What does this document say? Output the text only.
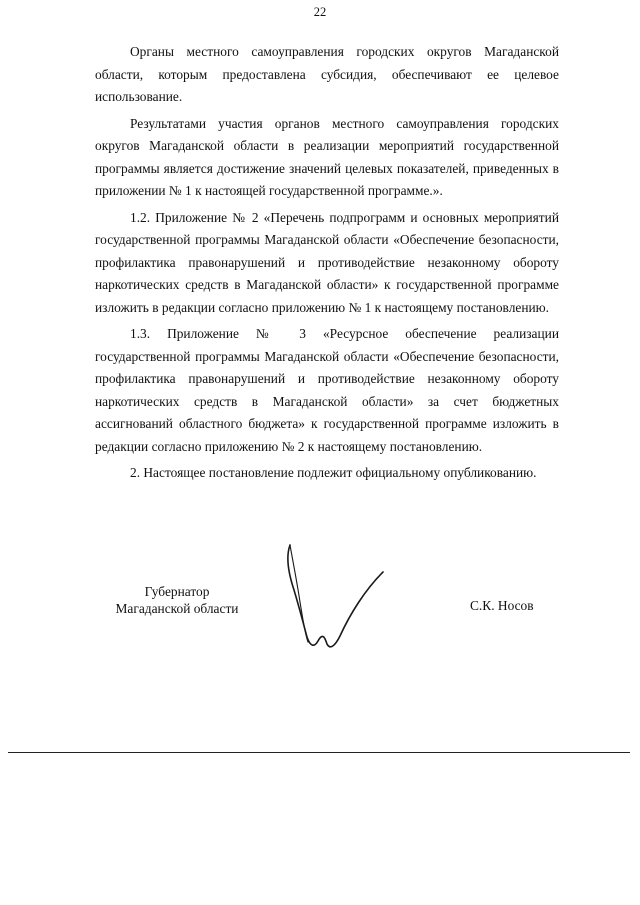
22

Органы местного самоуправления городских округов Магаданской области, которым предоставлена субсидия, обеспечивают ее целевое использование.

Результатами участия органов местного самоуправления городских округов Магаданской области в реализации мероприятий государственной программы является достижение значений целевых показателей, приведенных в приложении № 1 к настоящей государственной программе.».

1.2. Приложение № 2 «Перечень подпрограмм и основных мероприятий государственной программы Магаданской области «Обеспечение безопасности, профилактика правонарушений и противодействие незаконному обороту наркотических средств в Магаданской области» к государственной программе изложить в редакции согласно приложению № 1 к настоящему постановлению.

1.3. Приложение № 3 «Ресурсное обеспечение реализации государственной программы Магаданской области «Обеспечение безопасности, профилактика правонарушений и противодействие незаконному обороту наркотических средств в Магаданской области» за счет бюджетных ассигнований областного бюджета» к государственной программе изложить в редакции согласно приложению № 2 к настоящему постановлению.

2. Настоящее постановление подлежит официальному опубликованию.

Губернатор
Магаданской области	С.К. Носов
